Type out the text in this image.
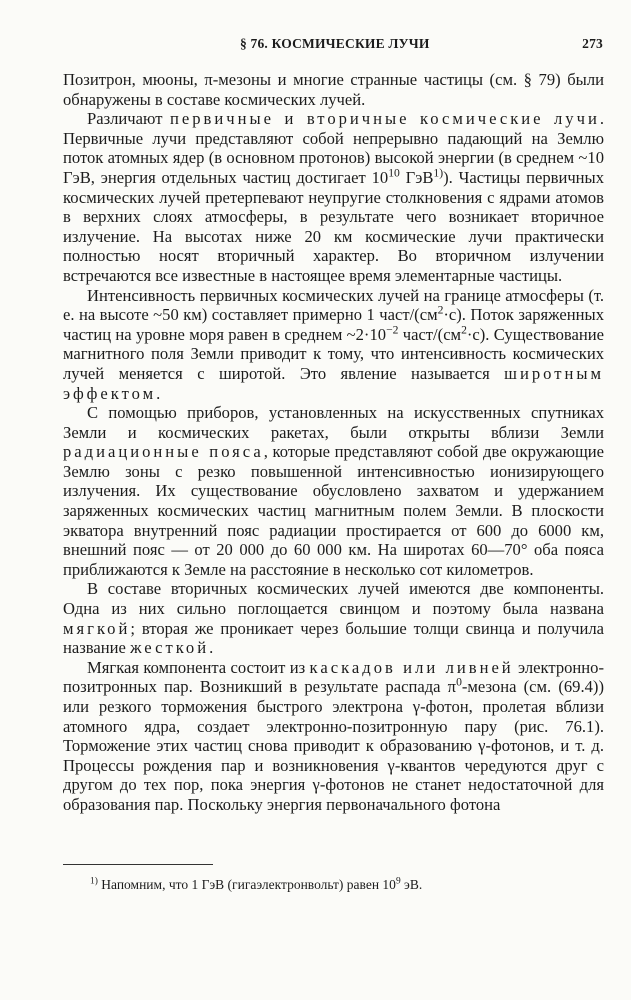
§ 76. КОСМИЧЕСКИЕ ЛУЧИ	273

Позитрон, мюоны, π-мезоны и многие странные частицы (см. § 79) были обнаружены в составе космических лучей.

Различают первичные и вторичные космические лучи. Первичные лучи представляют собой непрерывно падающий на Землю поток атомных ядер (в основном протонов) высокой энергии (в среднем ~10 ГэВ, энергия отдельных частиц достигает $10^{10}$ ГэВ$^{1)}$). Частицы первичных космических лучей претерпевают неупругие столкновения с ядрами атомов в верхних слоях атмосферы, в результате чего возникает вторичное излучение. На высотах ниже 20 км космические лучи практически полностью носят вторичный характер. Во вторичном излучении встречаются все известные в настоящее время элементарные частицы.

Интенсивность первичных космических лучей на границе атмосферы (т. е. на высоте ~50 км) составляет примерно 1 част/$(см^2\cdot с)$. Поток заряженных частиц на уровне моря равен в среднем $\sim 2\cdot 10^{-2}$ част/$(см^2\cdot с)$. Существование магнитного поля Земли приводит к тому, что интенсивность космических лучей меняется с широтой. Это явление называется широтным эффектом.

С помощью приборов, установленных на искусственных спутниках Земли и космических ракетах, были открыты вблизи Земли радиационные пояса, которые представляют собой две окружающие Землю зоны с резко повышенной интенсивностью ионизирующего излучения. Их существование обусловлено захватом и удержанием заряженных космических частиц магнитным полем Земли. В плоскости экватора внутренний пояс радиации простирается от 600 до 6000 км, внешний пояс — от 20 000 до 60 000 км. На широтах 60—70° оба пояса приближаются к Земле на расстояние в несколько сот километров.

В составе вторичных космических лучей имеются две компоненты. Одна из них сильно поглощается свинцом и поэтому была названа мягкой; вторая же проникает через большие толщи свинца и получила название жесткой.

Мягкая компонента состоит из каскадов или ливней электронно-позитронных пар. Возникший в результате распада $\pi^0$-мезона (см. (69.4)) или резкого торможения быстрого электрона γ-фотон, пролетая вблизи атомного ядра, создает электронно-позитронную пару (рис. 76.1). Торможение этих частиц снова приводит к образованию γ-фотонов, и т. д. Процессы рождения пар и возникновения γ-квантов чередуются друг с другом до тех пор, пока энергия γ-фотонов не станет недостаточной для образования пар. Поскольку энергия первоначального фотона

$^{1)}$ Напомним, что 1 ГэВ (гигаэлектронвольт) равен $10^9$ эВ.
